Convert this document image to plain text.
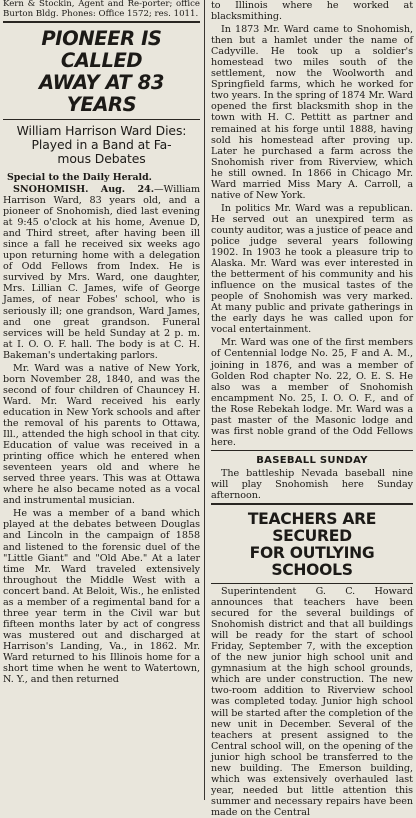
Kern & Stockin, Agent and Re-porter; office Burton Bldg. Phones: Office 1572; res. 1011.

PIONEER IS CALLED
AWAY AT 83 YEARS
William Harrison Ward Dies:
Played in a Band at Fa-
mous Debates
Special to the Daily Herald.

SNOHOMISH. Aug. 24.—William Harrison Ward, 83 years old, and a pioneer of Snohomish, died last evening at 9:45 o'clock at his home, Avenue D, and Third street, after having been ill since a fall he received six weeks ago upon returning home with a delegation of Odd Fellows from Index. He is survived by Mrs. Ward, one daughter, Mrs. Lillian C. James, wife of George James, of near Fobes' school, who is seriously ill; one grandson, Ward James, and one great grandson. Funeral services will be held Sunday at 2 p. m. at I. O. O. F. hall. The body is at C. H. Bakeman's undertaking parlors.

Mr. Ward was a native of New York, born November 28, 1840, and was the second of four children of Chauncey H. Ward. Mr. Ward received his early education in New York schools and after the removal of his parents to Ottawa, Ill., attended the high school in that city. Education of value was received in a printing office which he entered when seventeen years old and where he served three years. This was at Ottawa where he also became noted as a vocal and instrumental musician.

He was a member of a band which played at the debates between Douglas and Lincoln in the campaign of 1858 and listened to the forensic duel of the "Little Giant" and "Old Abe." At a later time Mr. Ward traveled extensively throughout the Middle West with a concert band. At Beloit, Wis., he enlisted as a member of a regimental band for a three year term in the Civil war but fifteen months later by act of congress was mustered out and discharged at Harrison's Landing, Va., in 1862. Mr. Ward returned to his Illinois home for a short time when he went to Watertown, N. Y., and then returned

to Illinois where he worked at blacksmithing.

In 1873 Mr. Ward came to Snohomish, then but a hamlet under the name of Cadyville. He took up a soldier's homestead two miles south of the settlement, now the Woolworth and Springfield farms, which he worked for two years. In the spring of 1874 Mr. Ward opened the first blacksmith shop in the town with H. C. Pettitt as partner and remained at his forge until 1888, having sold his homestead after proving up. Later he purchased a farm across the Snohomish river from Riverview, which he still owned. In 1866 in Chicago Mr. Ward married Miss Mary A. Carroll, a native of New York.

In politics Mr. Ward was a republican. He served out an unexpired term as county auditor, was a justice of peace and police judge several years following 1902. In 1903 he took a pleasure trip to Alaska. Mr. Ward was ever interested in the betterment of his community and his influence on the musical tastes of the people of Snohomish was very marked. At many public and private gatherings in the early days he was called upon for vocal entertainment.

Mr. Ward was one of the first members of Centennial lodge No. 25, F and A. M., joining in 1876, and was a member of Golden Rod chapter No. 22, O. E. S. He also was a member of Snohomish encampment No. 25, I. O. O. F., and of the Rose Rebekah lodge. Mr. Ward was a past master of the Masonic lodge and was first noble grand of the Odd Fellows here.

BASEBALL SUNDAY

The battleship Nevada baseball nine will play Snohomish here Sunday afternoon.

TEACHERS ARE SECURED
FOR OUTLYING SCHOOLS

Superintendent G. C. Howard announces that teachers have been secured for the several buildings of Snohomish district and that all buildings will be ready for the start of school Friday, September 7, with the exception of the new junior high school unit and gymnasium at the high school grounds, which are under construction. The new two-room addition to Riverview school was completed today. Junior high school will be started after the completion of the new unit in December. Several of the teachers at present assigned to the Central school will, on the opening of the junior high school be transferred to the new building. The Emerson building, which was extensively overhauled last year, needed but little attention this summer and necessary repairs have been made on the Central
